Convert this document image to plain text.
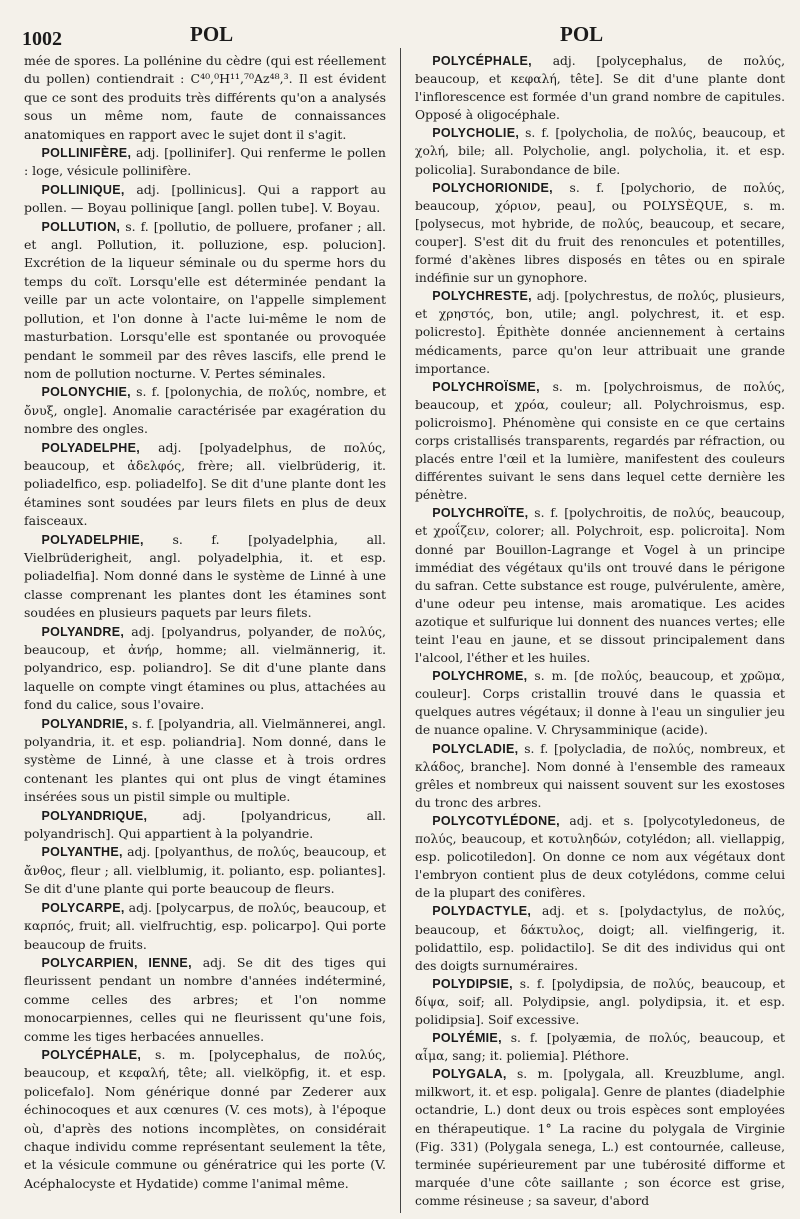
1002	POL	POL

mée de spores. La pollénine du cèdre (qui est réellement du pollen) contiendrait : C⁴⁰,⁰H¹¹,⁷⁰Az⁴⁸,³. Il est évident que ce sont des produits très différents qu'on a analysés sous un même nom, faute de connaissances anatomiques en rapport avec le sujet dont il s'agit.

POLLINIFÈRE, adj. [pollinifer]. Qui renferme le pollen : loge, vésicule pollinifère.

POLLINIQUE, adj. [pollinicus]. Qui a rapport au pollen. — Boyau pollinique [angl. pollen tube]. V. Boyau.

POLLUTION, s. f. [pollutio, de polluere, profaner ; all. et angl. Pollution, it. polluzione, esp. polucion]. Excrétion de la liqueur séminale ou du sperme hors du temps du coït. Lorsqu'elle est déterminée pendant la veille par un acte volontaire, on l'appelle simplement pollution, et l'on donne à l'acte lui-même le nom de masturbation. Lorsqu'elle est spontanée ou provoquée pendant le sommeil par des rêves lascifs, elle prend le nom de pollution nocturne. V. Pertes séminales.

POLONYCHIE, s. f. [polonychia, de πολύς, nombre, et ὄνυξ, ongle]. Anomalie caractérisée par exagération du nombre des ongles.

POLYADELPHE, adj. [polyadelphus, de πολύς, beaucoup, et ἀδελφός, frère; all. vielbrüderig, it. poliadelfico, esp. poliadelfo]. Se dit d'une plante dont les étamines sont soudées par leurs filets en plus de deux faisceaux.

POLYADELPHIE, s. f. [polyadelphia, all. Vielbrüderigheit, angl. polyadelphia, it. et esp. poliadelfia]. Nom donné dans le système de Linné à une classe comprenant les plantes dont les étamines sont soudées en plusieurs paquets par leurs filets.

POLYANDRE, adj. [polyandrus, polyander, de πολύς, beaucoup, et ἀνήρ, homme; all. vielmännerig, it. polyandrico, esp. poliandro]. Se dit d'une plante dans laquelle on compte vingt étamines ou plus, attachées au fond du calice, sous l'ovaire.

POLYANDRIE, s. f. [polyandria, all. Vielmännerei, angl. polyandria, it. et esp. poliandria]. Nom donné, dans le système de Linné, à une classe et à trois ordres contenant les plantes qui ont plus de vingt étamines insérées sous un pistil simple ou multiple.

POLYANDRIQUE,	adj. [polyandricus, all. polyandrisch]. Qui appartient à la polyandrie.

POLYANTHE, adj. [polyanthus, de πολύς, beaucoup, et ἄνθος, fleur ; all. vielblumig, it. polianto, esp. poliantes]. Se dit d'une plante qui porte beaucoup de fleurs.

POLYCARPE, adj. [polycarpus, de πολύς, beaucoup, et καρπός, fruit; all. vielfruchtig, esp. policarpo]. Qui porte beaucoup de fruits.

POLYCARPIEN, IENNE, adj. Se dit des tiges qui fleurissent pendant un nombre d'années indéterminé, comme celles des arbres; et l'on nomme monocarpiennes, celles qui ne fleurissent qu'une fois, comme les tiges herbacées annuelles.

POLYCÉPHALE, s. m. [polycephalus, de πολύς, beaucoup, et κεφαλή, tête; all. vielköpfig, it. et esp. policefalo]. Nom générique donné par Zederer aux échinocoques et aux cœnures (V. ces mots), à l'époque où, d'après des notions incomplètes, on considérait chaque individu comme représentant seulement la tête, et la vésicule commune ou génératrice qui les porte (V. Acéphalocyste et Hydatide) comme l'animal même.

POLYCÉPHALE, adj. [polycephalus, de πολύς, beaucoup, et κεφαλή, tête]. Se dit d'une plante dont l'inflorescence est formée d'un grand nombre de capitules. Opposé à oligocéphale.

POLYCHOLIE, s. f. [polycholia, de πολύς, beaucoup, et χολή, bile; all. Polycholie, angl. polycholia, it. et esp. policolia]. Surabondance de bile.

POLYCHORIONIDE, s. f. [polychorio, de πολύς, beaucoup, χόριον, peau], ou POLYSÈQUE, s. m. [polysecus, mot hybride, de πολύς, beaucoup, et secare, couper]. S'est dit du fruit des renoncules et potentilles, formé d'akènes libres disposés en têtes ou en spirale indéfinie sur un gynophore.

POLYCHRESTE, adj. [polychrestus, de πολύς, plusieurs, et χρηστός, bon, utile; angl. polychrest, it. et esp. policresto]. Épithète donnée anciennement à certains médicaments, parce qu'on leur attribuait une grande importance.

POLYCHROÏSME, s. m. [polychroismus, de πολύς, beaucoup, et χρόα, couleur; all. Polychroismus, esp. policroismo]. Phénomène qui consiste en ce que certains corps cristallisés transparents, regardés par réfraction, ou placés entre l'œil et la lumière, manifestent des couleurs différentes suivant le sens dans lequel cette dernière les pénètre.

POLYCHROÏTE, s. f. [polychroitis, de πολύς, beaucoup, et χροΐζειν, colorer; all. Polychroit, esp. policroita]. Nom donné par Bouillon-Lagrange et Vogel à un principe immédiat des végétaux qu'ils ont trouvé dans le périgone du safran. Cette substance est rouge, pulvérulente, amère, d'une odeur peu intense, mais aromatique. Les acides azotique et sulfurique lui donnent des nuances vertes; elle teint l'eau en jaune, et se dissout principalement dans l'alcool, l'éther et les huiles.

POLYCHROME, s. m. [de πολύς, beaucoup, et χρῶμα, couleur]. Corps cristallin trouvé dans le quassia et quelques autres végétaux; il donne à l'eau un singulier jeu de nuance opaline. V. Chrysamminique (acide).

POLYCLADIE, s. f. [polycladia, de πολύς, nombreux, et κλάδος, branche]. Nom donné à l'ensemble des rameaux grêles et nombreux qui naissent souvent sur les exostoses du tronc des arbres.

POLYCOTYLÉDONE, adj. et s. [polycotyledoneus, de πολύς, beaucoup, et κοτυληδών, cotylédon; all. viellappig, esp. policotiledon]. On donne ce nom aux végétaux dont l'embryon contient plus de deux cotylédons, comme celui de la plupart des conifères.

POLYDACTYLE, adj. et s. [polydactylus, de πολύς, beaucoup, et δάκτυλος, doigt; all. vielfingerig, it. polidattilo, esp. polidactilo]. Se dit des individus qui ont des doigts surnuméraires.

POLYDIPSIE, s. f. [polydipsia, de πολύς, beaucoup, et δίψα, soif; all. Polydipsie, angl. polydipsia, it. et esp. polidipsia]. Soif excessive.

POLYÉMIE, s. f. [polyæmia, de πολύς, beaucoup, et αἷμα, sang; it. poliemia]. Pléthore.

POLYGALA, s. m. [polygala, all. Kreuzblume, angl. milkwort, it. et esp. poligala]. Genre de plantes (diadelphie octandrie, L.) dont deux ou trois espèces sont employées en thérapeutique. 1° La racine du polygala de Virginie (Fig. 331) (Polygala senega, L.) est contournée, calleuse, terminée supérieurement par une tubérosité difforme et marquée d'une côte saillante ; son écorce est grise, comme résineuse ; sa saveur, d'abord
